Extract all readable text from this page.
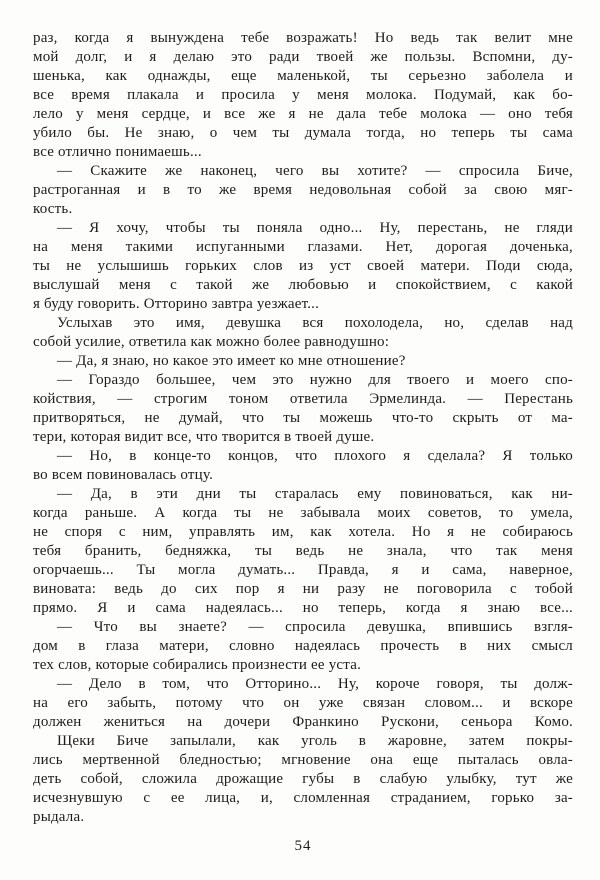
раз, когда я вынуждена тебе возражать! Но ведь так велит мне
мой долг, и я делаю это ради твоей же пользы. Вспомни, ду-
шенька, как однажды, еще маленькой, ты серьезно заболела и
все время плакала и просила у меня молока. Подумай, как бо-
лело у меня сердце, и все же я не дала тебе молока — оно тебя
убило бы. Не знаю, о чем ты думала тогда, но теперь ты сама
все отлично понимаешь...
— Скажите же наконец, чего вы хотите? — спросила Биче,
растроганная и в то же время недовольная собой за свою мяг-
кость.
— Я хочу, чтобы ты поняла одно... Ну, перестань, не гляди
на меня такими испуганными глазами. Нет, дорогая доченька,
ты не услышишь горьких слов из уст своей матери. Поди сюда,
выслушай меня с такой же любовью и спокойствием, с какой
я буду говорить. Отторино завтра уезжает...
Услыхав это имя, девушка вся похолодела, но, сделав над
собой усилие, ответила как можно более равнодушно:
— Да, я знаю, но какое это имеет ко мне отношение?
— Гораздо большее, чем это нужно для твоего и моего спо-
койствия, — строгим тоном ответила Эрмелинда. — Перестань
притворяться, не думай, что ты можешь что-то скрыть от ма-
тери, которая видит все, что творится в твоей душе.
— Но, в конце-то концов, что плохого я сделала? Я только
во всем повиновалась отцу.
— Да, в эти дни ты старалась ему повиноваться, как ни-
когда раньше. А когда ты не забывала моих советов, то умела,
не споря с ним, управлять им, как хотела. Но я не собираюсь
тебя бранить, бедняжка, ты ведь не знала, что так меня
огорчаешь... Ты могла думать... Правда, я и сама, наверное,
виновата: ведь до сих пор я ни разу не поговорила с тобой
прямо. Я и сама надеялась... но теперь, когда я знаю все...
— Что вы знаете? — спросила девушка, впившись взгля-
дом в глаза матери, словно надеялась прочесть в них смысл
тех слов, которые собирались произнести ее уста.
— Дело в том, что Отторино... Ну, короче говоря, ты долж-
на его забыть, потому что он уже связан словом... и вскоре
должен жениться на дочери Франкино Рускони, сеньора Комо.
Щеки Биче запылали, как уголь в жаровне, затем покры-
лись мертвенной бледностью; мгновение она еще пыталась овла-
деть собой, сложила дрожащие губы в слабую улыбку, тут же
исчезнувшую с ее лица, и, сломленная страданием, горько за-
рыдала.
54
